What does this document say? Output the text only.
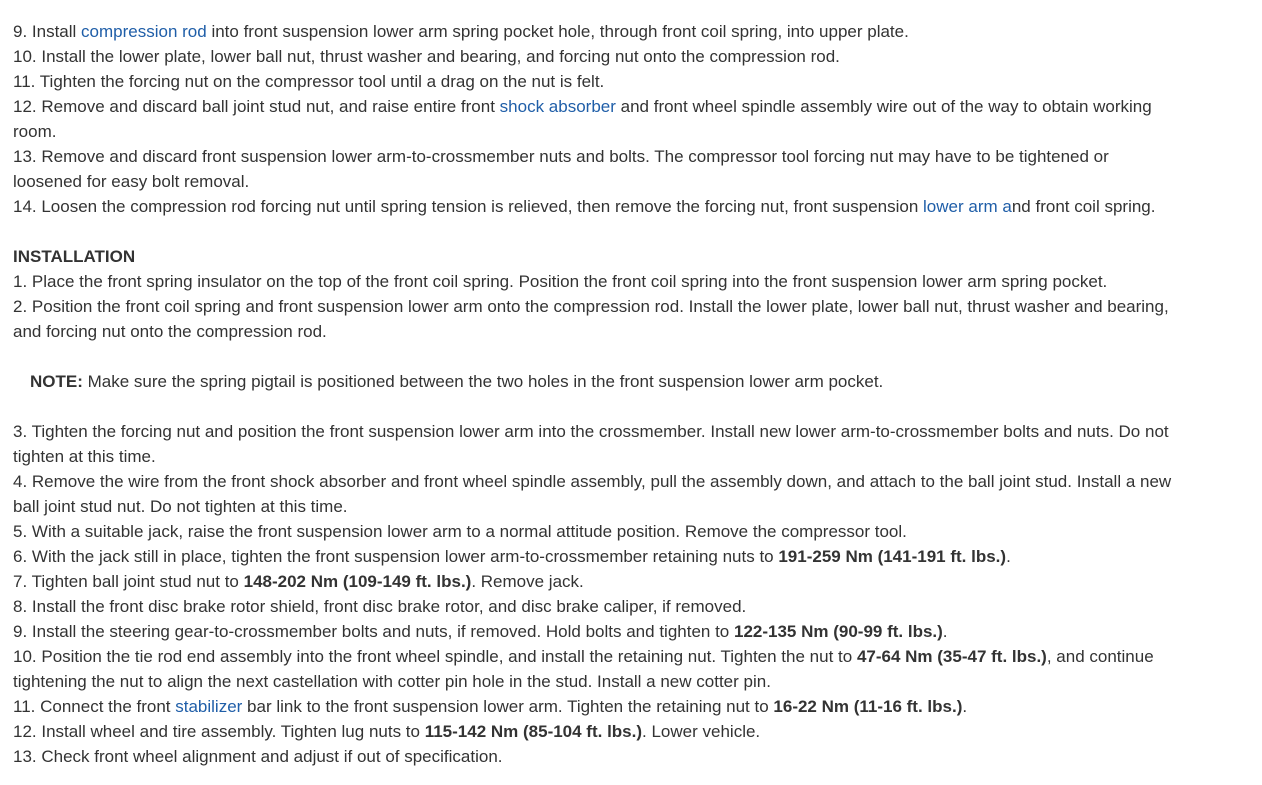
9. Install compression rod into front suspension lower arm spring pocket hole, through front coil spring, into upper plate.
10. Install the lower plate, lower ball nut, thrust washer and bearing, and forcing nut onto the compression rod.
11. Tighten the forcing nut on the compressor tool until a drag on the nut is felt.
12. Remove and discard ball joint stud nut, and raise entire front shock absorber and front wheel spindle assembly wire out of the way to obtain working
room.
13. Remove and discard front suspension lower arm-to-crossmember nuts and bolts. The compressor tool forcing nut may have to be tightened or
loosened for easy bolt removal.
14. Loosen the compression rod forcing nut until spring tension is relieved, then remove the forcing nut, front suspension lower arm and front coil spring.
INSTALLATION
1. Place the front spring insulator on the top of the front coil spring. Position the front coil spring into the front suspension lower arm spring pocket.
2. Position the front coil spring and front suspension lower arm onto the compression rod. Install the lower plate, lower ball nut, thrust washer and bearing,
and forcing nut onto the compression rod.
NOTE: Make sure the spring pigtail is positioned between the two holes in the front suspension lower arm pocket.
3. Tighten the forcing nut and position the front suspension lower arm into the crossmember. Install new lower arm-to-crossmember bolts and nuts. Do not
tighten at this time.
4. Remove the wire from the front shock absorber and front wheel spindle assembly, pull the assembly down, and attach to the ball joint stud. Install a new
ball joint stud nut. Do not tighten at this time.
5. With a suitable jack, raise the front suspension lower arm to a normal attitude position. Remove the compressor tool.
6. With the jack still in place, tighten the front suspension lower arm-to-crossmember retaining nuts to 191-259 Nm (141-191 ft. lbs.).
7. Tighten ball joint stud nut to 148-202 Nm (109-149 ft. lbs.). Remove jack.
8. Install the front disc brake rotor shield, front disc brake rotor, and disc brake caliper, if removed.
9. Install the steering gear-to-crossmember bolts and nuts, if removed. Hold bolts and tighten to 122-135 Nm (90-99 ft. lbs.).
10. Position the tie rod end assembly into the front wheel spindle, and install the retaining nut. Tighten the nut to 47-64 Nm (35-47 ft. lbs.), and continue
tightening the nut to align the next castellation with cotter pin hole in the stud. Install a new cotter pin.
11. Connect the front stabilizer bar link to the front suspension lower arm. Tighten the retaining nut to 16-22 Nm (11-16 ft. lbs.).
12. Install wheel and tire assembly. Tighten lug nuts to 115-142 Nm (85-104 ft. lbs.). Lower vehicle.
13. Check front wheel alignment and adjust if out of specification.
